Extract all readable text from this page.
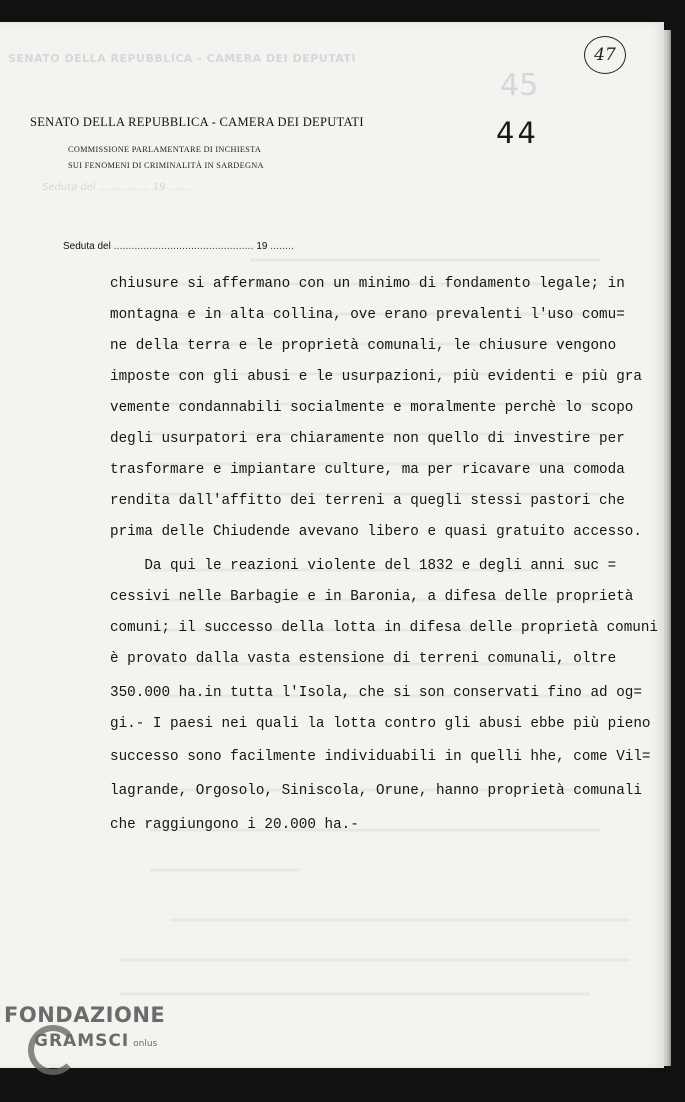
SENATO DELLA REPUBBLICA - CAMERA DEI DEPUTATI
Seduta del ................ 19 .......
45
47
44
SENATO DELLA REPUBBLICA - CAMERA DEI DEPUTATI
COMMISSIONE PARLAMENTARE DI INCHIESTA
SUI FENOMENI DI CRIMINALITÀ IN SARDEGNA
Seduta del ............................................... 19 ........
chiusure si affermano con un minimo di fondamento legale; in
montagna e in alta collina, ove erano prevalenti l'uso comu=
ne della terra e le proprietà comunali, le chiusure vengono
imposte con gli abusi e le usurpazioni, più evidenti e più gra
vemente condannabili socialmente e moralmente perchè lo scopo
degli usurpatori era chiaramente non quello di investire per
trasformare e impiantare culture, ma per ricavare una comoda
rendita dall'affitto dei terreni a quegli stessi pastori che
prima delle Chiudende avevano libero e quasi gratuito accesso.
Da qui le reazioni violente del 1832 e degli anni suc =
cessivi nelle Barbagie e in Baronia, a difesa delle proprietà
comuni; il successo della lotta in difesa delle proprietà comuni
è provato dalla vasta estensione di terreni comunali, oltre
350.000 ha.in tutta l'Isola, che si son conservati fino ad og=
gi.- I paesi nei quali la lotta contro gli abusi ebbe più pieno
successo sono facilmente individuabili in quelli hhe, come Vil=
lagrande, Orgosolo, Siniscola, Orune, hanno proprietà comunali
che raggiungono i 20.000 ha.-
FONDAZIONE
GRAMSCI onlus
